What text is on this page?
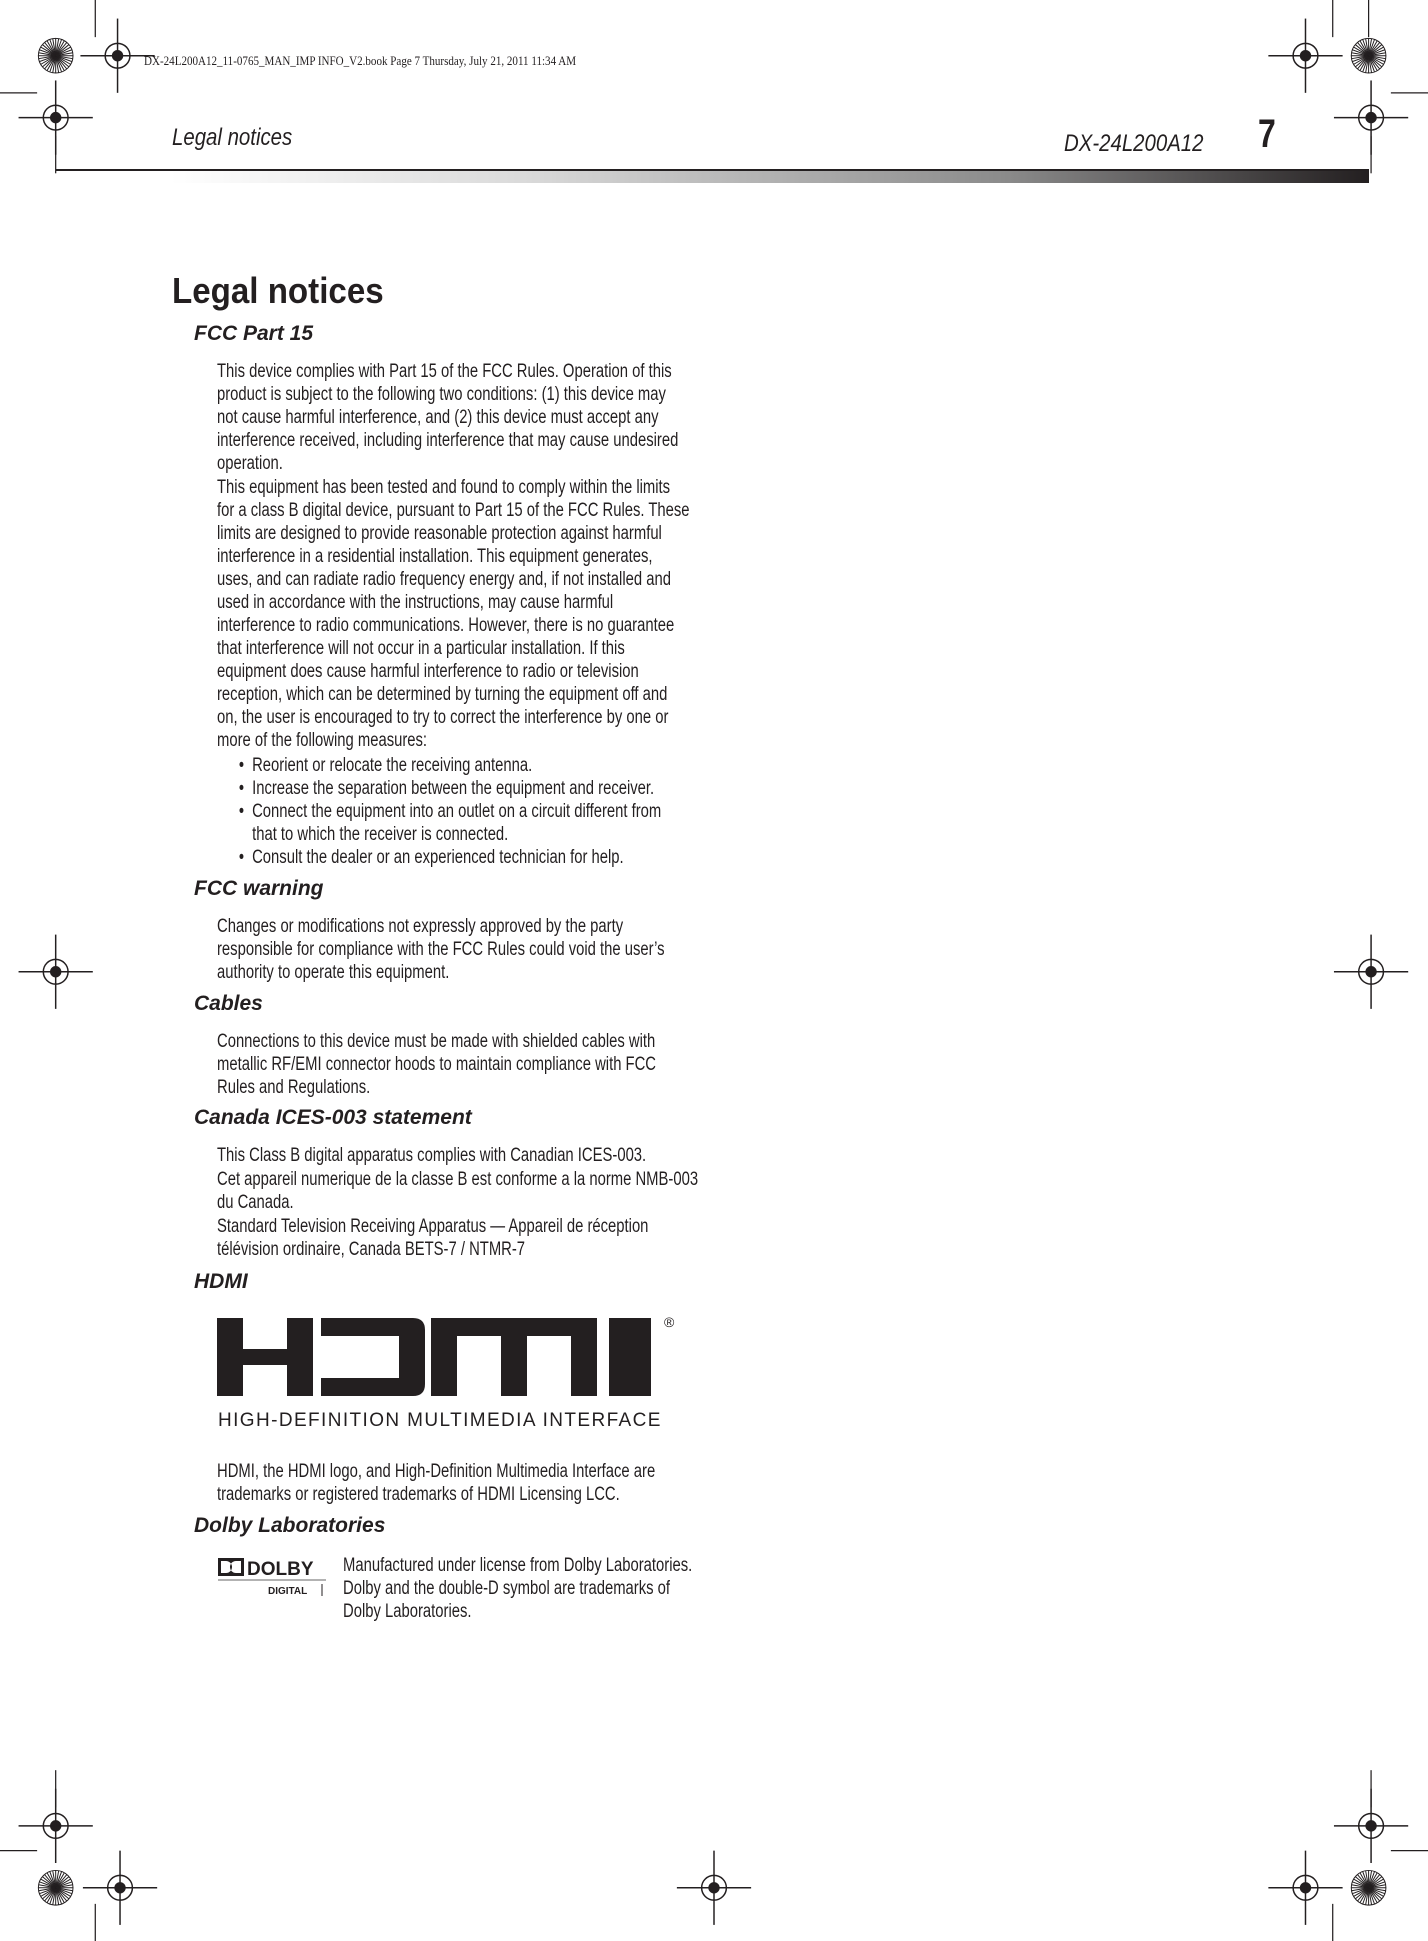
DX-24L200A12_11-0765_MAN_IMP INFO_V2.book Page 7 Thursday, July 21, 2011 11:34 AM
Legal notices	DX-24L200A12 7
Legal notices
FCC Part 15
This device complies with Part 15 of the FCC Rules. Operation of this
product is subject to the following two conditions: (1) this device may
not cause harmful interference, and (2) this device must accept any
interference received, including interference that may cause undesired
operation.
This equipment has been tested and found to comply within the limits
for a class B digital device, pursuant to Part 15 of the FCC Rules. These
limits are designed to provide reasonable protection against harmful
interference in a residential installation. This equipment generates,
uses, and can radiate radio frequency energy and, if not installed and
used in accordance with the instructions, may cause harmful
interference to radio communications. However, there is no guarantee
that interference will not occur in a particular installation. If this
equipment does cause harmful interference to radio or television
reception, which can be determined by turning the equipment off and
on, the user is encouraged to try to correct the interference by one or
more of the following measures:
• Reorient or relocate the receiving antenna.
• Increase the separation between the equipment and receiver.
• Connect the equipment into an outlet on a circuit different from
that to which the receiver is connected.
• Consult the dealer or an experienced technician for help.
FCC warning
Changes or modifications not expressly approved by the party
responsible for compliance with the FCC Rules could void the user’s
authority to operate this equipment.
Cables
Connections to this device must be made with shielded cables with
metallic RF/EMI connector hoods to maintain compliance with FCC
Rules and Regulations.
Canada ICES-003 statement
This Class B digital apparatus complies with Canadian ICES-003.
Cet appareil numerique de la classe B est conforme a la norme NMB-003
du Canada.
Standard Television Receiving Apparatus — Appareil de réception
télévision ordinaire, Canada BETS-7 / NTMR-7
HDMI
®
HIGH-DEFINITION MULTIMEDIA INTERFACE
HDMI, the HDMI logo, and High-Definition Multimedia Interface are
trademarks or registered trademarks of HDMI Licensing LCC.
Dolby Laboratories
DOLBY
DIGITAL
Manufactured under license from Dolby Laboratories.
Dolby and the double-D symbol are trademarks of
Dolby Laboratories.
